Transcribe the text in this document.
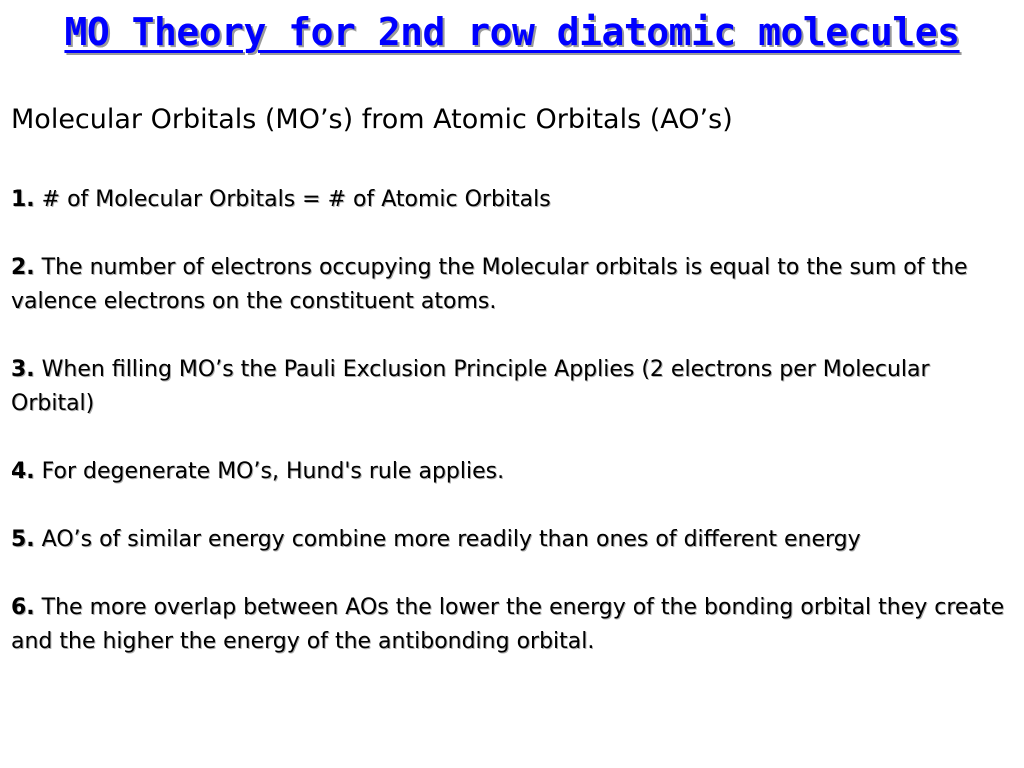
MO Theory for 2nd row diatomic molecules
Molecular Orbitals (MO’s) from Atomic Orbitals (AO’s)
1. # of Molecular Orbitals = # of Atomic Orbitals
2. The number of electrons occupying the Molecular orbitals is equal to the sum of the valence electrons on the constituent atoms.
3. When filling MO’s the Pauli Exclusion Principle Applies (2 electrons per Molecular Orbital)
4. For degenerate MO’s, Hund's rule applies.
5. AO’s of similar energy combine more readily than ones of different energy
6. The more overlap between AOs the lower the energy of the bonding orbital they create and the higher the energy of the antibonding orbital.
